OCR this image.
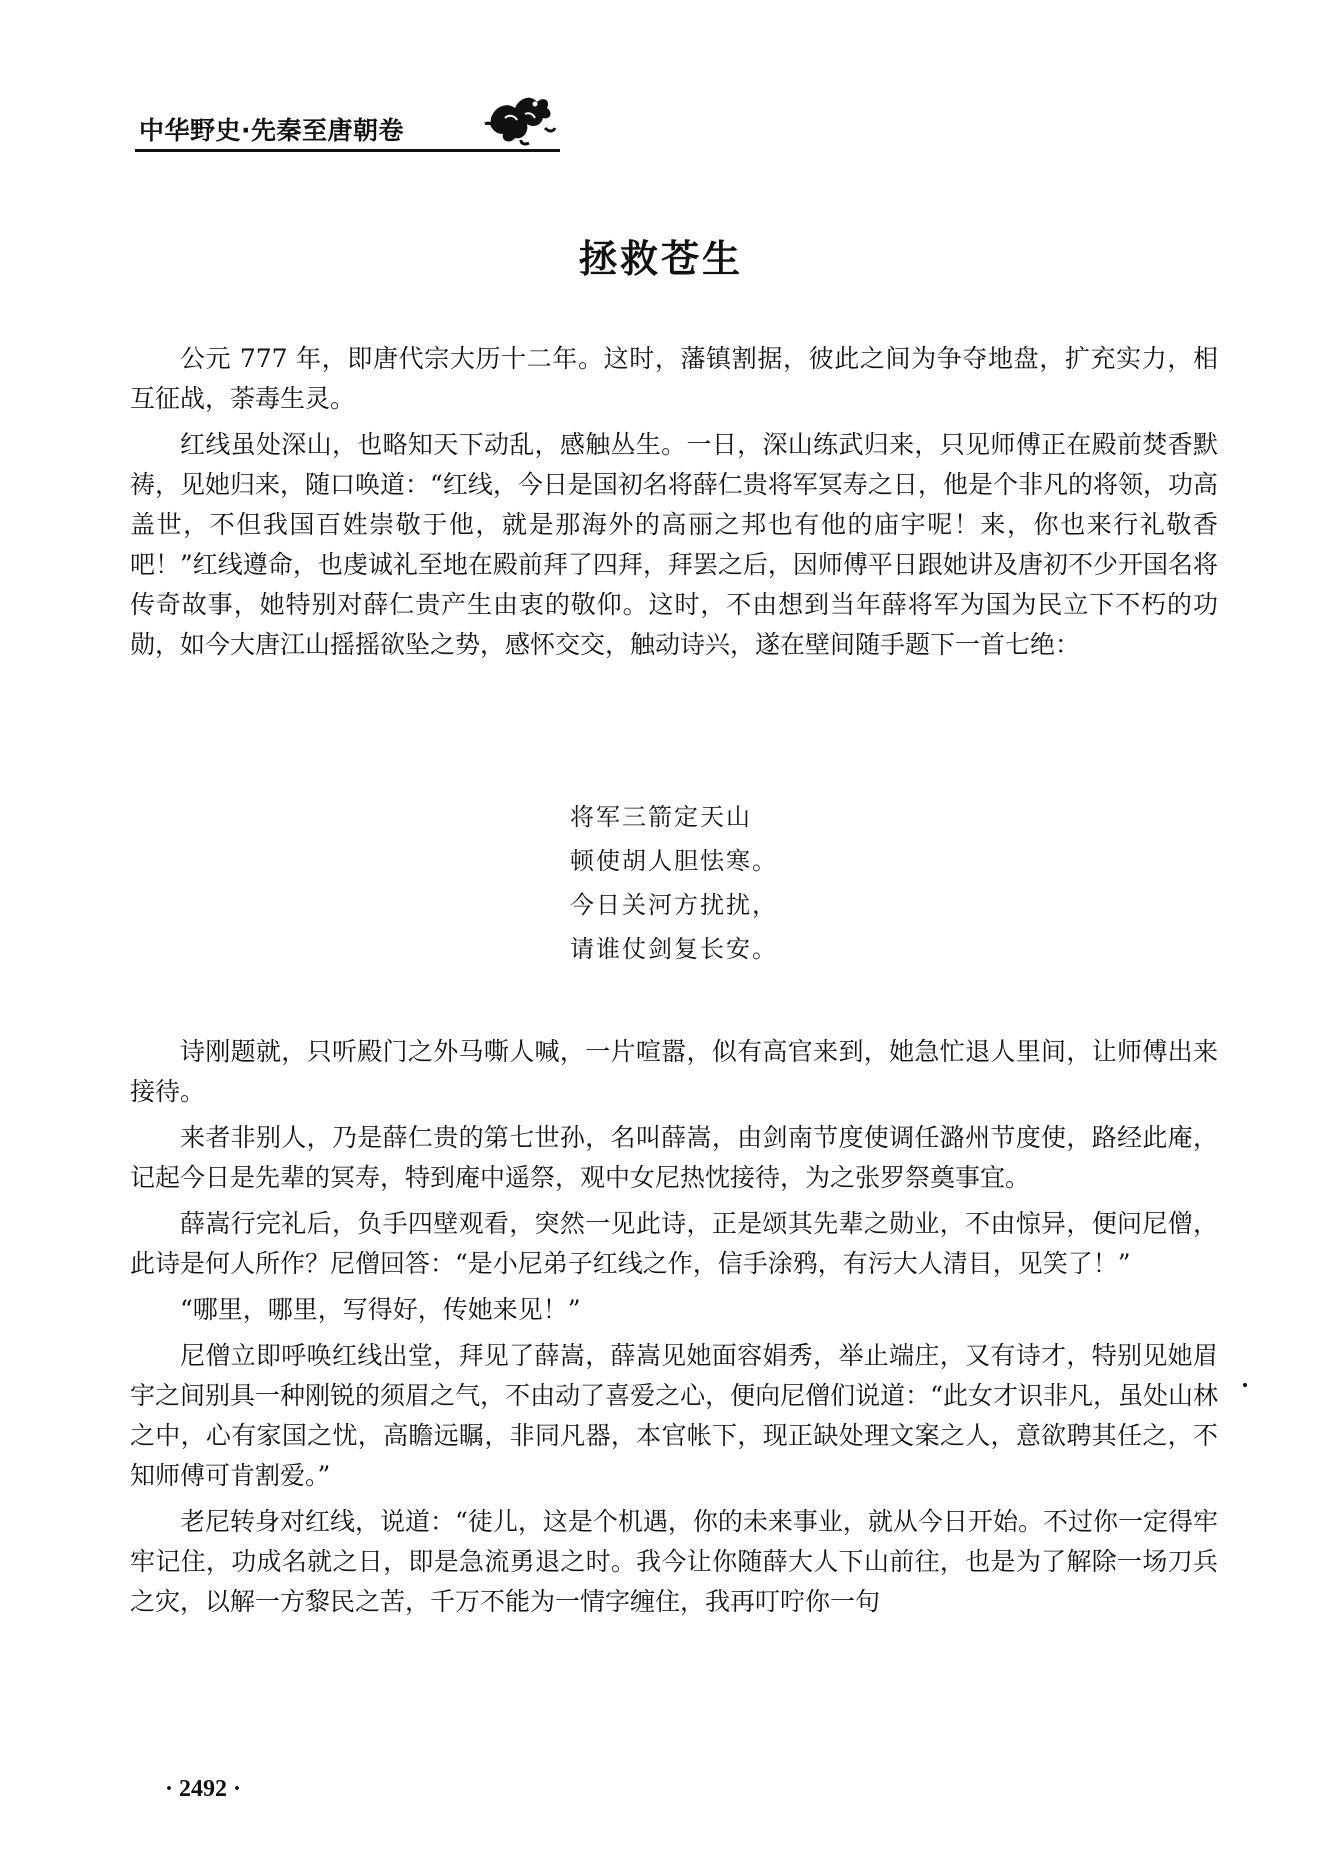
中华野史·先秦至唐朝卷
拯救苍生

公元 777 年，即唐代宗大历十二年。这时，藩镇割据，彼此之间为争夺地盘，扩充实力，相互征战，荼毒生灵。

红线虽处深山，也略知天下动乱，感触丛生。一日，深山练武归来，只见师傅正在殿前焚香默祷，见她归来，随口唤道：“红线，今日是国初名将薛仁贵将军冥寿之日，他是个非凡的将领，功高盖世，不但我国百姓崇敬于他，就是那海外的高丽之邦也有他的庙宇呢！来，你也来行礼敬香吧！”红线遵命，也虔诚礼至地在殿前拜了四拜，拜罢之后，因师傅平日跟她讲及唐初不少开国名将传奇故事，她特别对薛仁贵产生由衷的敬仰。这时，不由想到当年薛将军为国为民立下不朽的功勋，如今大唐江山摇摇欲坠之势，感怀交交，触动诗兴，遂在壁间随手题下一首七绝：

将军三箭定天山
顿使胡人胆怯寒。
今日关河方扰扰，
请谁仗剑复长安。

诗刚题就，只听殿门之外马嘶人喊，一片喧嚣，似有高官来到，她急忙退人里间，让师傅出来接待。

来者非别人，乃是薛仁贵的第七世孙，名叫薛嵩，由剑南节度使调任潞州节度使，路经此庵，记起今日是先辈的冥寿，特到庵中遥祭，观中女尼热忱接待，为之张罗祭奠事宜。

薛嵩行完礼后，负手四壁观看，突然一见此诗，正是颂其先辈之勋业，不由惊异，便问尼僧，此诗是何人所作？尼僧回答：“是小尼弟子红线之作，信手涂鸦，有污大人清目，见笑了！”

“哪里，哪里，写得好，传她来见！”

尼僧立即呼唤红线出堂，拜见了薛嵩，薛嵩见她面容娟秀，举止端庄，又有诗才，特别见她眉宇之间别具一种刚锐的须眉之气，不由动了喜爱之心，便向尼僧们说道：“此女才识非凡，虽处山林之中，心有家国之忧，高瞻远瞩，非同凡器，本官帐下，现正缺处理文案之人，意欲聘其任之，不知师傅可肯割爱。”

老尼转身对红线，说道：“徒儿，这是个机遇，你的未来事业，就从今日开始。不过你一定得牢牢记住，功成名就之日，即是急流勇退之时。我今让你随薛大人下山前往，也是为了解除一场刀兵之灾，以解一方黎民之苦，千万不能为一情字缠住，我再叮咛你一句

· 2492 ·
